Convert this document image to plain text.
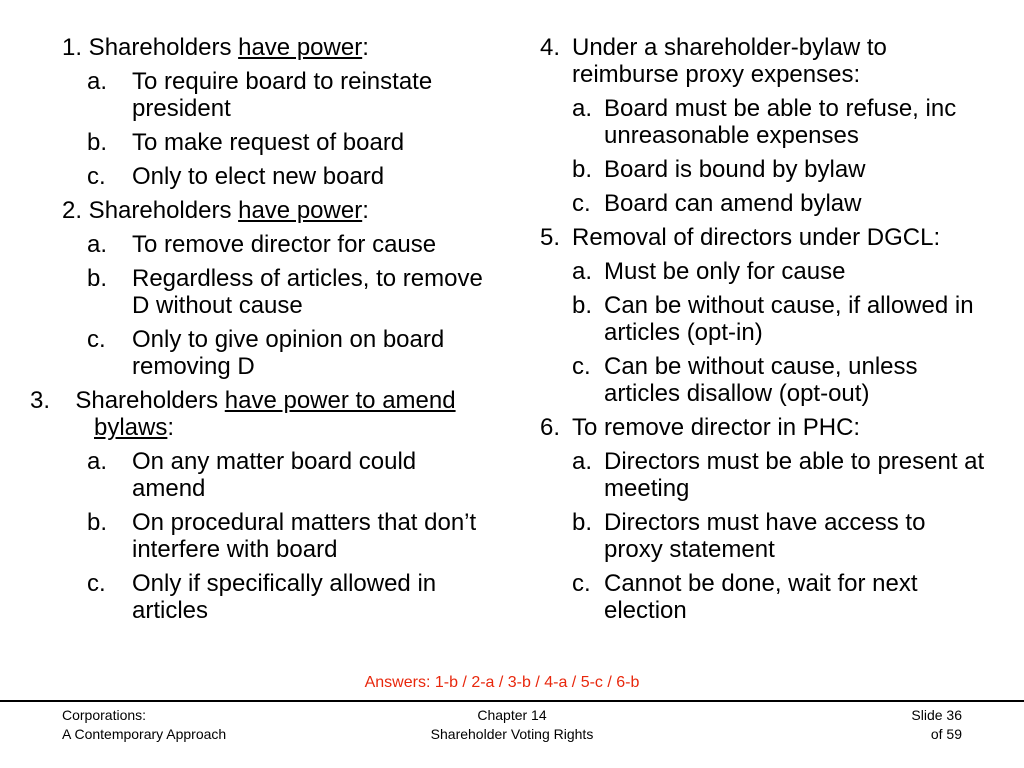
1. Shareholders have power:
a. To require board to reinstate president
b. To make request of board
c. Only to elect new board
2. Shareholders have power:
a. To remove director for cause
b. Regardless of articles, to remove D without cause
c. Only to give opinion on board removing D
3.  Shareholders have power to amend bylaws:
a. On any matter board could amend
b. On procedural matters that don’t interfere with board
c. Only if specifically allowed in articles
4. Under a shareholder-bylaw to reimburse proxy expenses:
a. Board must be able to refuse, inc unreasonable expenses
b. Board is bound by bylaw
c. Board can amend bylaw
5. Removal of directors under DGCL:
a. Must be only for cause
b. Can be without cause, if allowed in articles (opt-in)
c. Can be without cause, unless articles disallow (opt-out)
6. To remove director in PHC:
a. Directors must be able to present at meeting
b. Directors must have access to proxy statement
c. Cannot be done, wait for next election
Answers: 1-b / 2-a / 3-b / 4-a / 5-c / 6-b
Corporations:
A Contemporary Approach
Chapter 14
Shareholder Voting Rights
Slide 36
of 59
